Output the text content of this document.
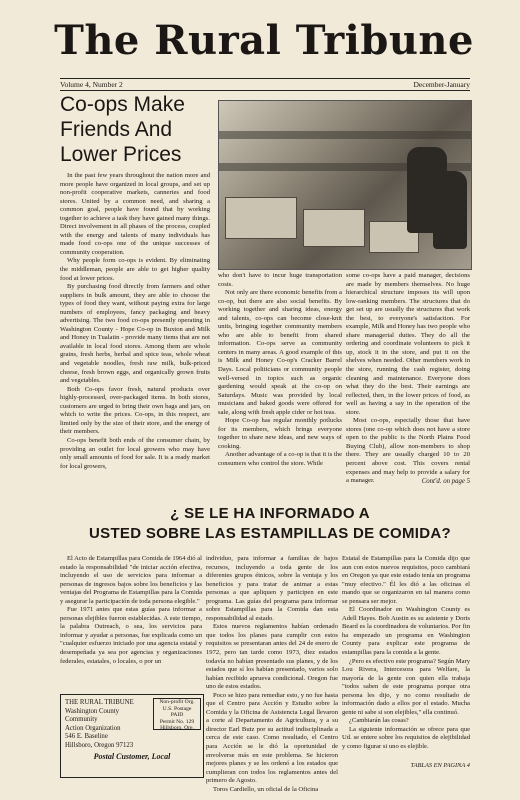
The Rural Tribune
Volume 4, Number 2	December-January
Co-ops Make Friends And Lower Prices

In the past few years throughout the nation more and more people have organized in local groups, and set up non-profit cooperative markets, canneries and food stores. United by a common need, and sharing a common goal, people have found that by working together to achieve a task they have gained many things. Direct involvement in all phases of the process, coupled with the energy and talents of many individuals has made food co-ops one of the unique successes of community cooperation.

Why people form co-ops is evident. By eliminating the middleman, people are able to get higher quality food at lower prices.

By purchasing food directly from farmers and other suppliers in bulk amount, they are able to choose the types of food they want, without paying extra for large numbers of employees, fancy packaging and heavy advertising. The two food co-ops presently operating in Washington County - Hope Co-op in Buxton and Milk and Honey in Tualatin - provide many items that are not available in local food stores. Among them are whole grains, fresh herbs, herbal and spice teas, whole wheat and vegetable noodles, fresh raw milk, bulk-priced cheese, fresh brown eggs, and organically grown fruits and vegetables.

Both Co-ops favor fresh, natural products over highly-processed, over-packaged items. In both stores, customers are urged to bring their own bags and jars, on which to write the prices. Co-ops, in this respect, are limited only by the size of their store, and the energy of their members.

Co-ops benefit both ends of the consumer chain, by providing an outlet for local growers who may have only small amounts of food for sale. It is a ready market for local growers,

who don't have to incur huge transportation costs.

Not only are there economic benefits from a co-op, but there are also social benefits. By working together and sharing ideas, energy and talents, co-ops can become close-knit units, bringing together community members who are able to benefit from shared information. Co-ops serve as community centers in many areas. A good example of this is Milk and Honey Co-op's Cracker Barrel Days. Local politicians or community people well-versed in topics such as organic gardening would speak at the co-op on Saturdays. Music was provided by local musicians and baked goods were offered for sale, along with fresh apple cider or hot teas.

Hope Co-op has regular monthly potlucks for its members, which brings everyone together to share new ideas, and new ways of cooking.

Another advantage of a co-op is that it is the consumers who control the store. While

some co-ops have a paid manager, decisions are made by members themselves. No huge hierarchical structure imposes its will upon low-ranking members. The structures that do get set up are usually the structures that work the best, to everyone's satisfaction. For example, Milk and Honey has two people who share managerial duties. They do all the ordering and coordinate volunteers to pick it up, stock it in the store, and put it on the shelves when needed. Other members work in the store, running the cash register, doing cleaning and maintenance. Everyone does what they do the best. Their earnings are reflected, then, in the lower prices of food, as well as having a say in the operation of the store.

Most co-ops, especially those that have stores (one co-op which does not have a store open to the public is the North Plains Food Buying Club), allow non-members to shop there. They are usually charged 10 to 20 percent above cost. This covers rental expenses and may help to provide a salary for a manager.	Cont'd. on page 5
¿ SE LE HA INFORMADO A
USTED SOBRE LAS ESTAMPILLAS DE COMIDA?

El Acto de Estampillas para Comida de 1964 dió al estado la responsabilidad "de iniciar acción efectiva, incluyendo el uso de servicios para informar a personas de ingresos bajos sobre los beneficios y las ventajas del Programa de Estampillas para la Comida y asegurar la participación de toda persona elegible."

Fue 1971 antes que estas guías para informar a personas elejibles fueron establecidas. A este tiempo, la palabra Outreach, o sea, los servicios para informar y ayudar a personas, fue explicada como un "cualquier esfuerzo iniciado por una agencia estatal y desempeñada ya sea por agencias y organizaciones federales, estatales, o locales, o por un

individuo, para informar a familias de bajos recursos, incluyendo a toda gente de los diferentes grupos étnicos, sobre la ventaja y los beneficios y para tratar de animar a estas personas a que apliquen y participen en este programa. Las guías del programa para informar sobre Estampillas para la Comida dan esta responsabilidad al estado.

Estos nuevos reglamentos habían ordenado que todos los planes para cumplir con estos requisitos se presentaran antes del 24 de enero de 1972, pero tan tarde como 1973, diez estados todavía no habían presentado sus planes, y de los estados que sí los habían presentado, varios solo habían recibido aprueva condicional. Oregon fue uno de estos estados.

Poco se hizo para remediar esto, y no fue hasta que el Centro para Acción y Estudio sobre la Comida y la Oficina de Asistencia Legal llevaron a corte al Departamento de Agricultura, y a su director Earl Butz por su actitud indisciplinada a cerca de este caso. Como resultado, el Centro para Acción se le dió la oportunidad de envolverse más en este problema. Se hicieron mejores planes y se les ordenó a los estados que cumplieran con todos los reglamentos antes del primero de Agosto.

Toros Cardiello, un oficial de la Oficina

Estatal de Estampillas para la Comida dijo que aun con estos nuevos requisitos, poco cambiará en Oregon ya que este estado tenía un programa "muy efectivo." Él les dió a las oficinas el mando que se organizaron en tal manera como se pensara ser mejor.

El Coordinador en Washington County es Adell Hayes. Bob Austin es su asistente y Doris Beard es la coordinadora de voluntarios. Por fin ha empezado un programa en Washington County para explicar este programa de estampillas para la comida a la gente.

¿Pero es efectivo este programa? Según Mary Lou Rivera, Intercesora para Welfare, la mayoría de la gente con quien ella trabaja "todos saben de este programa porque otra persona les dijo, y no como resultado de información dado a ellos por el estado. Mucha gente ni sabe si son elejibles," ella continuó.

¿Cambiarán las cosas?

La siguiente información se ofrece para que Ud. se entere sobre los requisitos de elejibilidad y como figurar si uno es elejible.

THE RURAL TRIBUNE
Washington County Community
Action Organization
546 E. Baseline
Hillsboro, Oregon 97123
Non-profit Org.
U.S. Postage
PAID
Permit No. 129
Hillsboro, Ore.
Postal Customer, Local
TABLAS EN PAGINA 4
